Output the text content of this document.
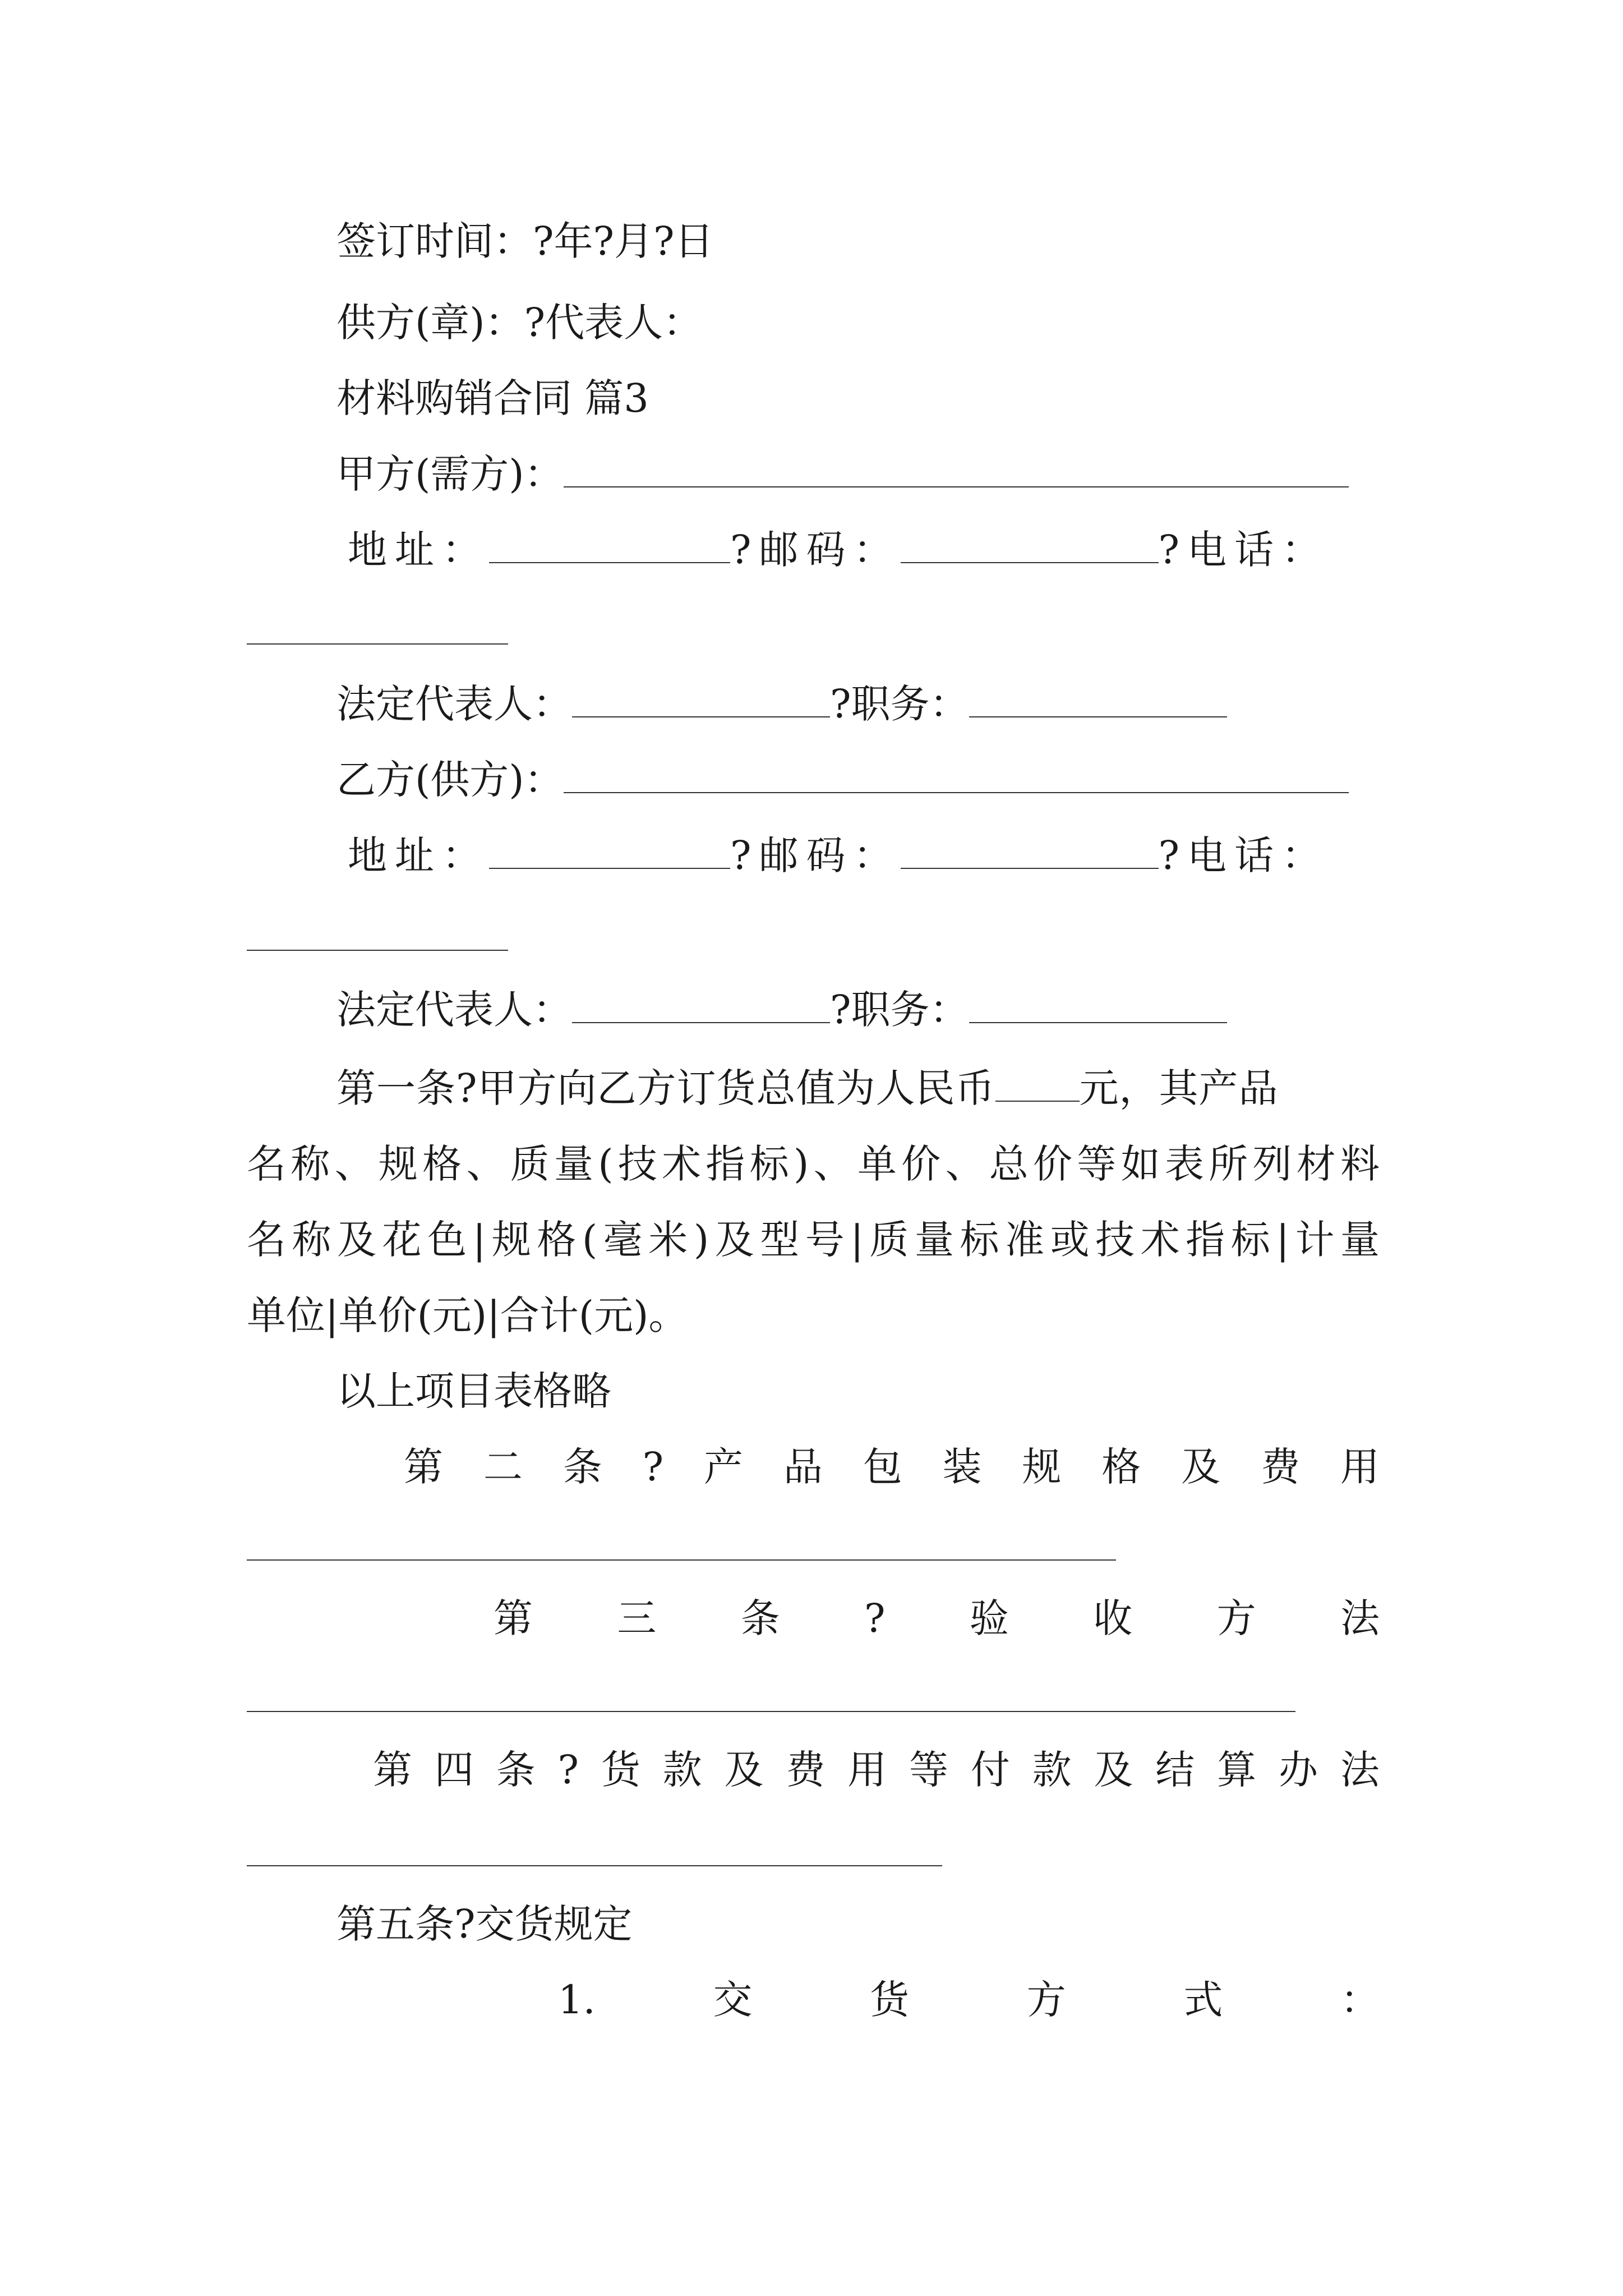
签订时间：?年?月?日
供方(章)：?代表人：
材料购销合同 篇3
甲方(需方)：
地址：	?邮码：	?电话：
法定代表人：	?职务：
乙方(供方)：
地址：	?邮码：	?电话：
法定代表人：	?职务：
第一条?甲方向乙方订货总值为人民币 元，其产品
名称、规格、质量(技术指标)、单价、总价等如表所列材料
名称及花色|规格(毫米)及型号|质量标准或技术指标|计量
单位|单价(元)|合计(元)。
以上项目表格略
第 二 条 ? 产 品 包 装 规 格 及 费 用
第 三 条 ? 验 收 方 法
第 四 条 ? 货 款 及 费 用 等 付 款 及 结 算 办 法
第五条?交货规定
1.	交	货	方	式	：
